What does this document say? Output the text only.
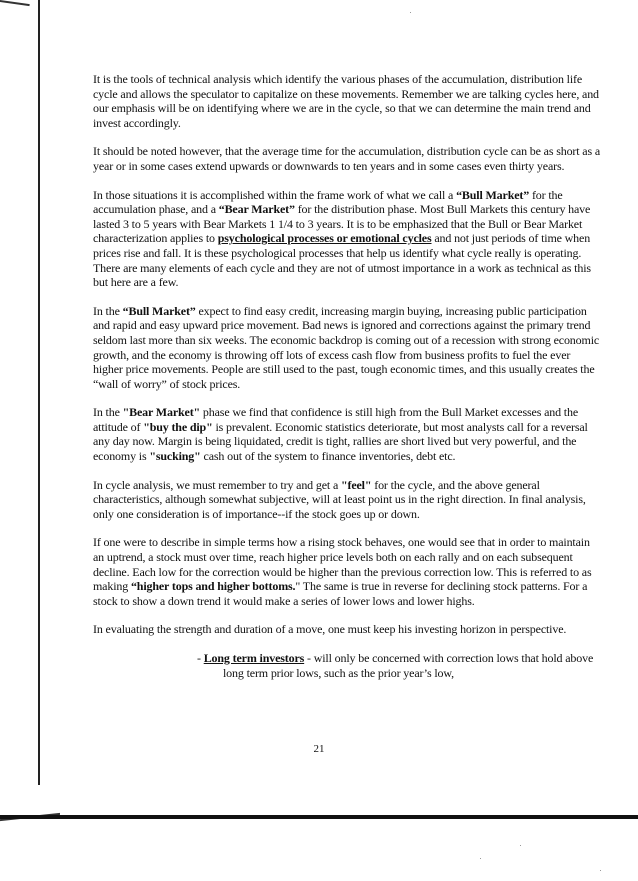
It is the tools of technical analysis which identify the various phases of the accumulation, distribution life cycle and allows the speculator to capitalize on these movements. Remember we are talking cycles here, and our emphasis will be on identifying where we are in the cycle, so that we can determine the main trend and invest accordingly.

It should be noted however, that the average time for the accumulation, distribution cycle can be as short as a year or in some cases extend upwards or downwards to ten years and in some cases even thirty years.

In those situations it is accomplished within the frame work of what we call a “Bull Market” for the accumulation phase, and a “Bear Market” for the distribution phase. Most Bull Markets this century have lasted 3 to 5 years with Bear Markets 1 1/4 to 3 years. It is to be emphasized that the Bull or Bear Market characterization applies to psychological processes or emotional cycles and not just periods of time when prices rise and fall. It is these psychological processes that help us identify what cycle really is operating. There are many elements of each cycle and they are not of utmost importance in a work as technical as this but here are a few.

In the “Bull Market” expect to find easy credit, increasing margin buying, increasing public participation and rapid and easy upward price movement. Bad news is ignored and corrections against the primary trend seldom last more than six weeks. The economic backdrop is coming out of a recession with strong economic growth, and the economy is throwing off lots of excess cash flow from business profits to fuel the ever higher price movements. People are still used to the past, tough economic times, and this usually creates the “wall of worry” of stock prices.

In the "Bear Market" phase we find that confidence is still high from the Bull Market excesses and the attitude of "buy the dip" is prevalent. Economic statistics deteriorate, but most analysts call for a reversal any day now. Margin is being liquidated, credit is tight, rallies are short lived but very powerful, and the economy is "sucking" cash out of the system to finance inventories, debt etc.

In cycle analysis, we must remember to try and get a "feel" for the cycle, and the above general characteristics, although somewhat subjective, will at least point us in the right direction. In final analysis, only one consideration is of importance--if the stock goes up or down.

If one were to describe in simple terms how a rising stock behaves, one would see that in order to maintain an uptrend, a stock must over time, reach higher price levels both on each rally and on each subsequent decline. Each low for the correction would be higher than the previous correction low. This is referred to as making “higher tops and higher bottoms." The same is true in reverse for declining stock patterns. For a stock to show a down trend it would make a series of lower lows and lower highs.

In evaluating the strength and duration of a move, one must keep his investing horizon in perspective.

- Long term investors - will only be concerned with correction lows that hold above long term prior lows, such as the prior year’s low,

21
